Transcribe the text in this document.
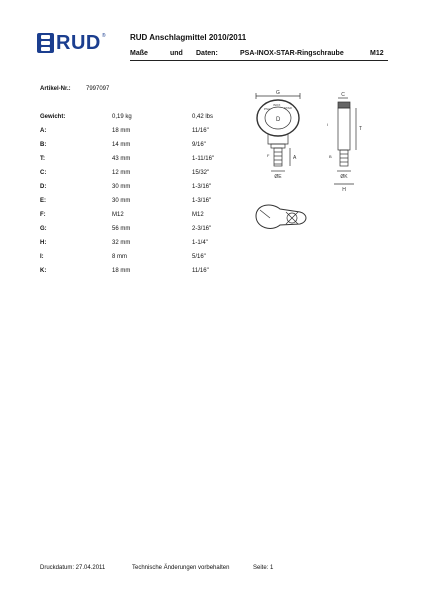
RUD ®	RUD Anschlagmittel 2010/2011
Maße	und Daten:	PSA-INOX-STAR-Ringschraube	M12
Artikel-Nr.:	7997097
Gewicht:	0,19 kg	0,42 lbs
A:	18 mm	11/16"
B:	14 mm	9/16"
T:	43 mm	1-11/16"
C:	12 mm	15/32"
D:	30 mm	1-3/16"
E:	30 mm	1-3/16"
F:	M12	M12
G:	56 mm	2-3/16"
H:	32 mm	1-1/4"
I:	8 mm	5/16"
K:	18 mm	11/16"
G
PSA
INOX
STAR
D
A
F
ØE
C
T
I
B
ØK
H
Druckdatum: 27.04.2011	Technische Änderungen vorbehalten	Seite: 1
